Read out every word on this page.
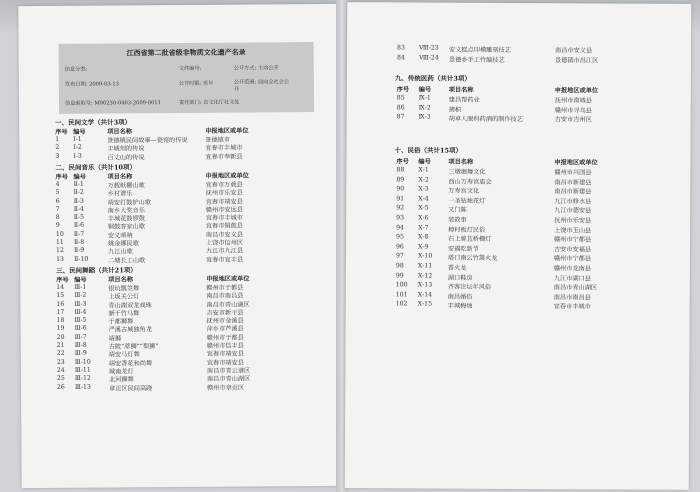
江西省第二批省级非物质文化遗产名录
信息分类:	文件编号:	公开方式: 主动公开
发布日期: 2009-03-13	公开时限: 常年	公开范围: 面向全社会公开
信息索取号: M00230-0403-2009-0011	责任部门: 省文化厅社文处
一、民间文学（共计3项）
序号 编号	项目名称	申报地区或单位
1 Ⅰ-1	景德镇民间故事—瓷窑的传说	景德镇市
2 Ⅰ-2	丰城刻的传说	宜春市丰城市
3 Ⅰ-3	百丈山的传说	宜春市奉新县
二、民间音乐（共计10项）
序号 编号	项目名称	申报地区或单位
4 Ⅱ-1	万载纸棚山歌	宜春市万载县
5 Ⅱ-2	乡村谱乐	抚州市乐安县
6 Ⅱ-3	靖安打鼓铲山歌	宜春市靖安县
7 Ⅱ-4	南乡大奖音乐	赣州市安远县
8 Ⅱ-5	丰城花鼓锣鼓	宜春市丰城市
9 Ⅱ-6	铜鼓客家山歌	宜春市铜鼓县
10 Ⅱ-7	安义唢呐	南昌市安义县
11 Ⅱ-8	姚金娜民歌	上饶市信州区
12 Ⅱ-9	九江山歌	九江市九江县
13 Ⅱ-10	二塘长工山歌	宜春市宜丰县
三、民间舞蹈（共计21项）
序号 编号	项目名称	申报地区或单位
14 Ⅲ-1	银坑瓢笠舞	赣州市于都县
15 Ⅲ-2	上坂关公灯	南昌市南昌县
16 Ⅲ-3	青山湖双龙戏珠	南昌市青山湖区
17 Ⅲ-4	新干竹马舞	吉安市新干县
18 Ⅲ-5	于都狮舞	抚州市金溪县
19 Ⅲ-6	严溪古城独角龙	萍乡市芦溪县
20 Ⅲ-7	靖狮	赣州市于都县
21 Ⅲ-8	古陂“蓆狮”“梨狮”	赣州市信丰县
22 Ⅲ-9	靖安马灯舞	宜春市靖安县
23 Ⅲ-10	靖安香花和尚舞	宜春市靖安县
24 Ⅲ-11	城南龙灯	南昌市青云谱区
25 Ⅲ-12	北河狮舞	南昌市青山湖区
26 Ⅲ-13	章贡区民间高跷	赣州市章贡区
83 Ⅷ-23 安义糕点印模雕刻技艺	南昌市安义县
84 Ⅷ-24 景德乡手工竹编技艺	景德镇市昌江区
九、传统医药（共计3项）
序号 编号	项目名称	申报地区或单位
85 Ⅸ-1	建昌帮药业	抚州市南城县
86 Ⅸ-2	拂积	赣州市寻乌县
87 Ⅸ-3	胡卓人眼科药酒的制作技艺	吉安市吉州区
十、民俗（共计15项）
序号 编号	项目名称	申报地区或单位
88 Ⅹ-1	三墩堀舞文化	赣州市兴国县
89 Ⅹ-2	西山万寿宫庙会	南昌市新建县
90 Ⅹ-3	万寿宫文化	南昌市新建县
91 Ⅹ-4	一圣钻烛花灯	九江市修水县
92 Ⅹ-5	又门陈	九江市德安县
93 Ⅹ-6	装故事	抚州市乐安县
94 Ⅹ-7	樟村板灯民俗	上饶市玉山县
95 Ⅹ-8	石上曾苴桥栅灯	赣州市宁都县
96 Ⅹ-9	安福吃新节	吉安市安福县
97 Ⅹ-10	塔口南云竹篙火龙	赣州市宁都县
98 Ⅹ-11	香火龙	赣州市龙南县
99 Ⅹ-12	湖口鞋房	九江市湖口县
100 Ⅹ-13	齐客注坛年风俗	南昌市青山湖区
101 Ⅹ-14	南昌婚俗	南昌市南昌县
102 Ⅹ-15	丰城梅烛	宜春市丰城市
